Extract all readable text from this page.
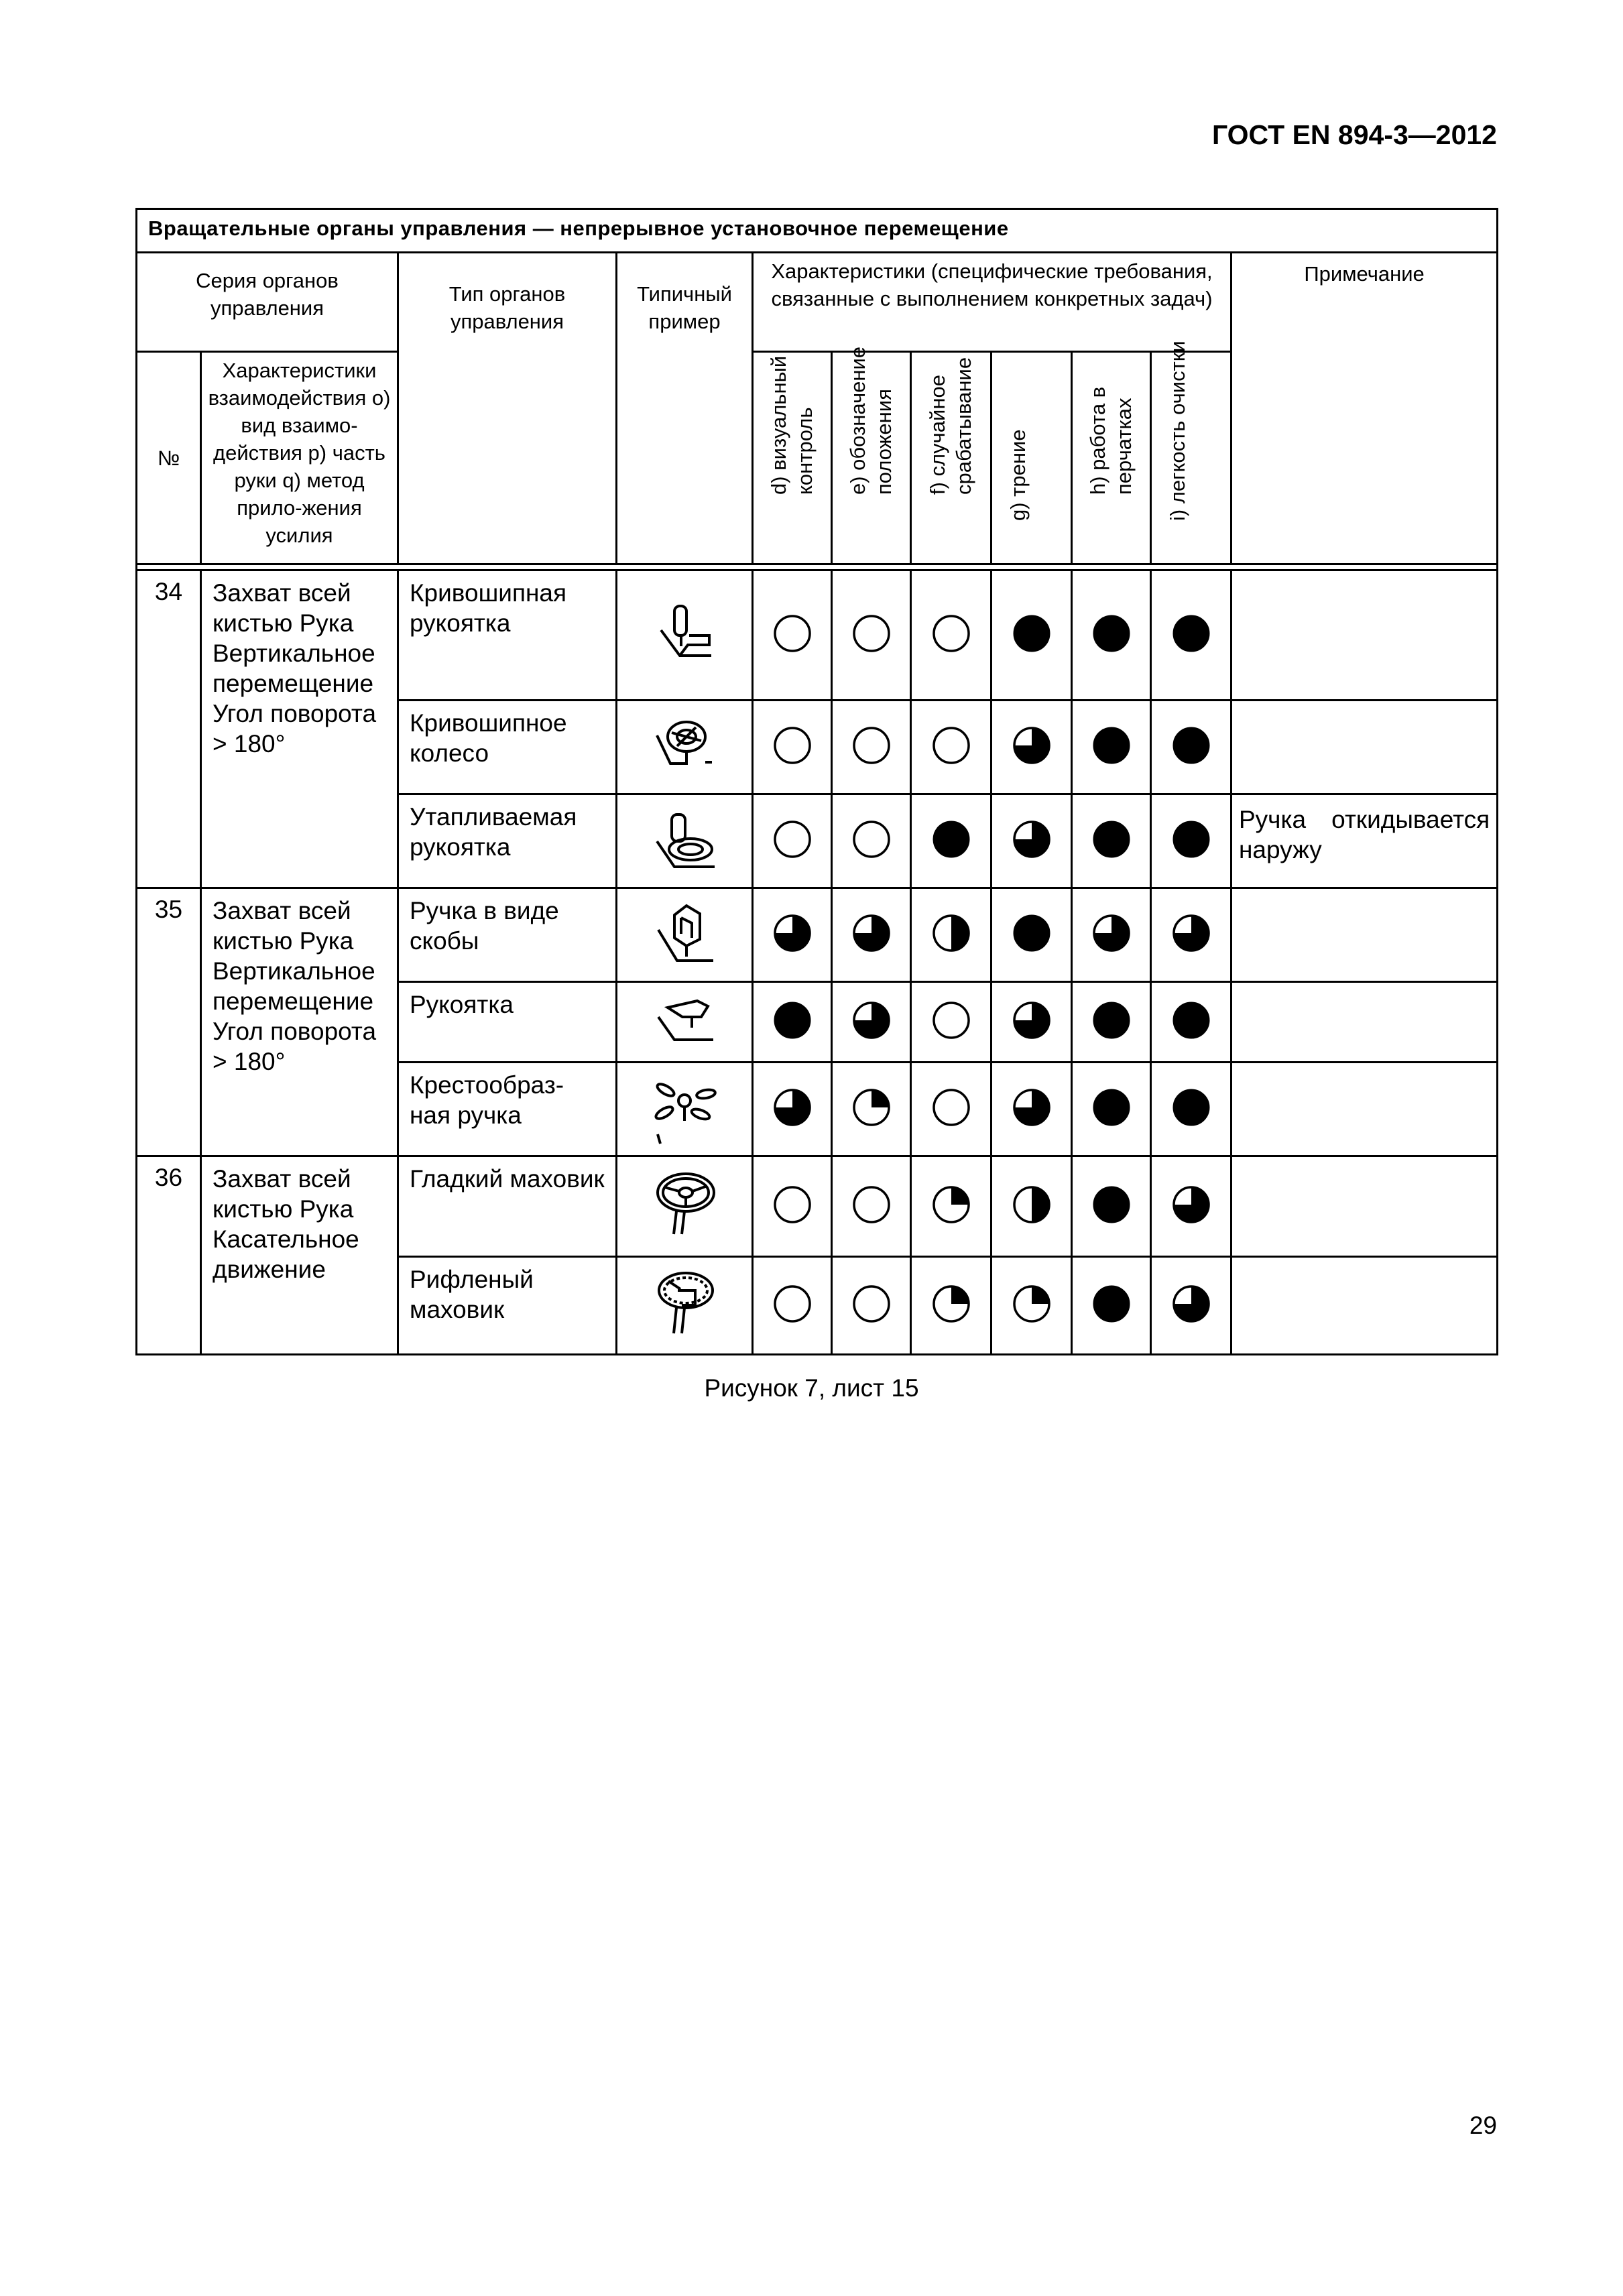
ГОСТ EN 894-3—2012
Вращательные органы управления — непрерывное установочное перемещение										
Серия органов управления		Тип органов управления	Типичный пример	Характеристики (специфические требования, связанные с выполнением конкретных задач)						Примечание
№	Характеристики взаимодействия o) вид взаимо-действия p) часть руки q) метод прило-жения усилия			d) визуальный контроль	e) обозначение положения	f) случайное срабатывание	g) трение	h) работа в перчатках	i) легкость очистки	

34	Захват всей кистью Рука Вертикальное перемещение Угол поворота > 180°	Кривошипная рукоятка								
		Кривошипное колесо								
		Утапливаемая рукоятка								Ручка откидывается наружу
35	Захват всей кистью Рука Вертикальное перемещение Угол поворота > 180°	Ручка в виде скобы								
		Рукоятка								
		Крестообраз-ная ручка								
36	Захват всей кистью Рука Касательное движение	Гладкий маховик								
		Рифленый маховик								
Рисунок 7, лист 15
29
